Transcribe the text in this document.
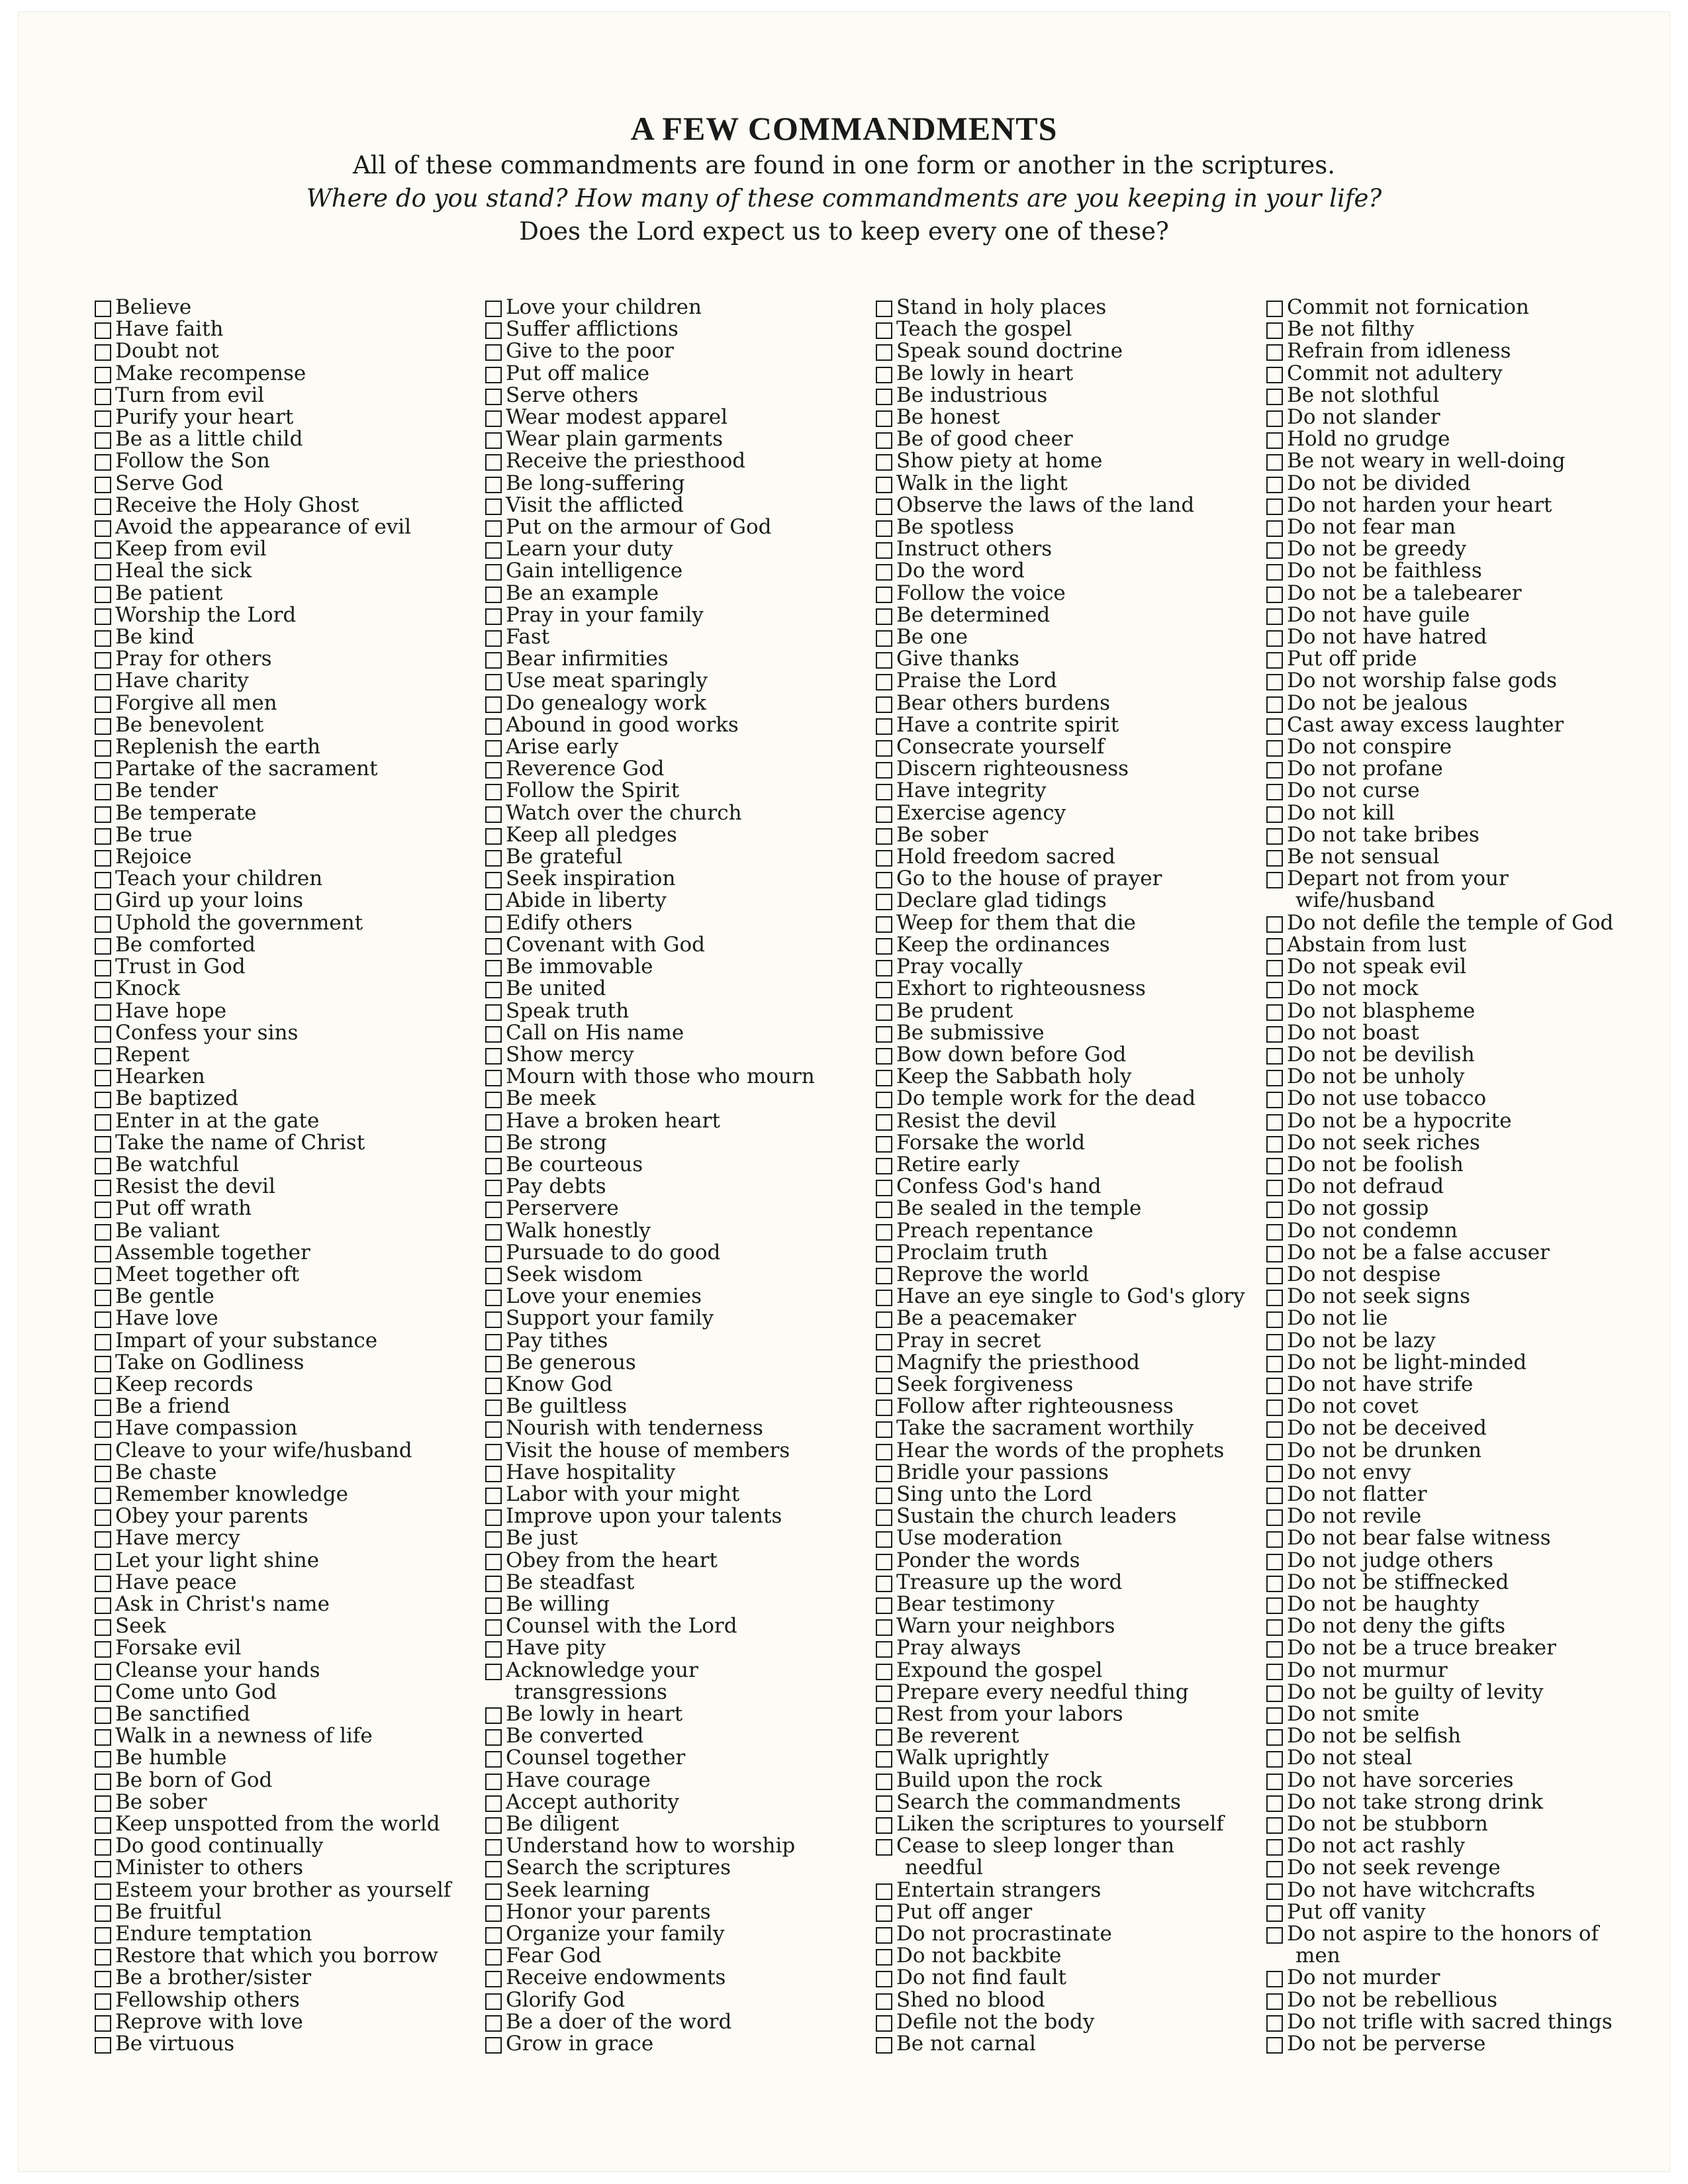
A FEW COMMANDMENTS
All of these commandments are found in one form or another in the scriptures.
Where do you stand? How many of these commandments are you keeping in your life?
Does the Lord expect us to keep every one of these?
Believe
Have faith
Doubt not
Make recompense
Turn from evil
Purify your heart
Be as a little child
Follow the Son
Serve God
Receive the Holy Ghost
Avoid the appearance of evil
Keep from evil
Heal the sick
Be patient
Worship the Lord
Be kind
Pray for others
Have charity
Forgive all men
Be benevolent
Replenish the earth
Partake of the sacrament
Be tender
Be temperate
Be true
Rejoice
Teach your children
Gird up your loins
Uphold the government
Be comforted
Trust in God
Knock
Have hope
Confess your sins
Repent
Hearken
Be baptized
Enter in at the gate
Take the name of Christ
Be watchful
Resist the devil
Put off wrath
Be valiant
Assemble together
Meet together oft
Be gentle
Have love
Impart of your substance
Take on Godliness
Keep records
Be a friend
Have compassion
Cleave to your wife/husband
Be chaste
Remember knowledge
Obey your parents
Have mercy
Let your light shine
Have peace
Ask in Christ's name
Seek
Forsake evil
Cleanse your hands
Come unto God
Be sanctified
Walk in a newness of life
Be humble
Be born of God
Be sober
Keep unspotted from the world
Do good continually
Minister to others
Esteem your brother as yourself
Be fruitful
Endure temptation
Restore that which you borrow
Be a brother/sister
Fellowship others
Reprove with love
Be virtuous
Love your children
Suffer afflictions
Give to the poor
Put off malice
Serve others
Wear modest apparel
Wear plain garments
Receive the priesthood
Be long-suffering
Visit the afflicted
Put on the armour of God
Learn your duty
Gain intelligence
Be an example
Pray in your family
Fast
Bear infirmities
Use meat sparingly
Do genealogy work
Abound in good works
Arise early
Reverence God
Follow the Spirit
Watch over the church
Keep all pledges
Be grateful
Seek inspiration
Abide in liberty
Edify others
Covenant with God
Be immovable
Be united
Speak truth
Call on His name
Show mercy
Mourn with those who mourn
Be meek
Have a broken heart
Be strong
Be courteous
Pay debts
Perservere
Walk honestly
Pursuade to do good
Seek wisdom
Love your enemies
Support your family
Pay tithes
Be generous
Know God
Be guiltless
Nourish with tenderness
Visit the house of members
Have hospitality
Labor with your might
Improve upon your talents
Be just
Obey from the heart
Be steadfast
Be willing
Counsel with the Lord
Have pity
Acknowledge your
transgressions
Be lowly in heart
Be converted
Counsel together
Have courage
Accept authority
Be diligent
Understand how to worship
Search the scriptures
Seek learning
Honor your parents
Organize your family
Fear God
Receive endowments
Glorify God
Be a doer of the word
Grow in grace
Stand in holy places
Teach the gospel
Speak sound doctrine
Be lowly in heart
Be industrious
Be honest
Be of good cheer
Show piety at home
Walk in the light
Observe the laws of the land
Be spotless
Instruct others
Do the word
Follow the voice
Be determined
Be one
Give thanks
Praise the Lord
Bear others burdens
Have a contrite spirit
Consecrate yourself
Discern righteousness
Have integrity
Exercise agency
Be sober
Hold freedom sacred
Go to the house of prayer
Declare glad tidings
Weep for them that die
Keep the ordinances
Pray vocally
Exhort to righteousness
Be prudent
Be submissive
Bow down before God
Keep the Sabbath holy
Do temple work for the dead
Resist the devil
Forsake the world
Retire early
Confess God's hand
Be sealed in the temple
Preach repentance
Proclaim truth
Reprove the world
Have an eye single to God's glory
Be a peacemaker
Pray in secret
Magnify the priesthood
Seek forgiveness
Follow after righteousness
Take the sacrament worthily
Hear the words of the prophets
Bridle your passions
Sing unto the Lord
Sustain the church leaders
Use moderation
Ponder the words
Treasure up the word
Bear testimony
Warn your neighbors
Pray always
Expound the gospel
Prepare every needful thing
Rest from your labors
Be reverent
Walk uprightly
Build upon the rock
Search the commandments
Liken the scriptures to yourself
Cease to sleep longer than
needful
Entertain strangers
Put off anger
Do not procrastinate
Do not backbite
Do not find fault
Shed no blood
Defile not the body
Be not carnal
Commit not fornication
Be not filthy
Refrain from idleness
Commit not adultery
Be not slothful
Do not slander
Hold no grudge
Be not weary in well-doing
Do not be divided
Do not harden your heart
Do not fear man
Do not be greedy
Do not be faithless
Do not be a talebearer
Do not have guile
Do not have hatred
Put off pride
Do not worship false gods
Do not be jealous
Cast away excess laughter
Do not conspire
Do not profane
Do not curse
Do not kill
Do not take bribes
Be not sensual
Depart not from your
wife/husband
Do not defile the temple of God
Abstain from lust
Do not speak evil
Do not mock
Do not blaspheme
Do not boast
Do not be devilish
Do not be unholy
Do not use tobacco
Do not be a hypocrite
Do not seek riches
Do not be foolish
Do not defraud
Do not gossip
Do not condemn
Do not be a false accuser
Do not despise
Do not seek signs
Do not lie
Do not be lazy
Do not be light-minded
Do not have strife
Do not covet
Do not be deceived
Do not be drunken
Do not envy
Do not flatter
Do not revile
Do not bear false witness
Do not judge others
Do not be stiffnecked
Do not be haughty
Do not deny the gifts
Do not be a truce breaker
Do not murmur
Do not be guilty of levity
Do not smite
Do not be selfish
Do not steal
Do not have sorceries
Do not take strong drink
Do not be stubborn
Do not act rashly
Do not seek revenge
Do not have witchcrafts
Put off vanity
Do not aspire to the honors of
men
Do not murder
Do not be rebellious
Do not trifle with sacred things
Do not be perverse
